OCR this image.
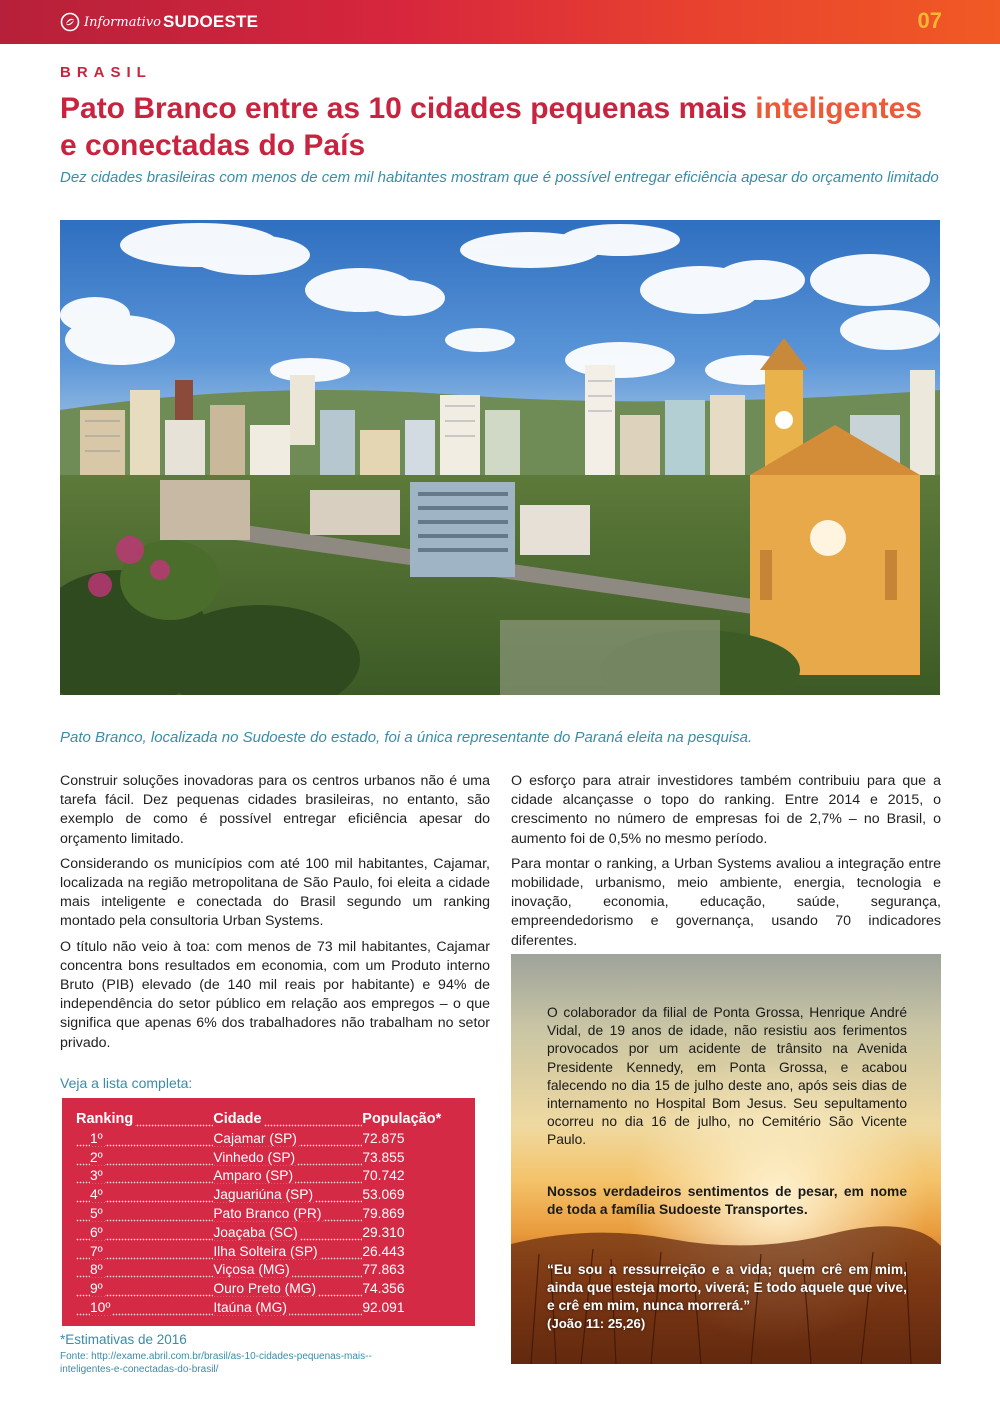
Informativo SUDOESTE	07
BRASIL
Pato Branco entre as 10 cidades pequenas mais inteligentes
e conectadas do País
Dez cidades brasileiras com menos de cem mil habitantes mostram que é possível entregar eficiência apesar do orçamento limitado
Pato Branco, localizada no Sudoeste do estado, foi a única representante do Paraná eleita na pesquisa.

Construir soluções inovadoras para os centros urbanos não é uma tarefa fácil. Dez pequenas cidades brasileiras, no entanto, são exemplo de como é possível entregar eficiência apesar do orçamento limitado.

Considerando os municípios com até 100 mil habitantes, Cajamar, localizada na região metropolitana de São Paulo, foi eleita a cidade mais inteligente e conectada do Brasil segundo um ranking montado pela consultoria Urban Systems.

O título não veio à toa: com menos de 73 mil habitantes, Cajamar concentra bons resultados em economia, com um Produto interno Bruto (PIB) elevado (de 140 mil reais por habitante) e 94% de independência do setor público em relação aos empregos – o que significa que apenas 6% dos trabalhadores não trabalham no setor privado.

O esforço para atrair investidores também contribuiu para que a cidade alcançasse o topo do ranking. Entre 2014 e 2015, o crescimento no número de empresas foi de 2,7% – no Brasil, o aumento foi de 0,5% no mesmo período.

Para montar o ranking, a Urban Systems avaliou a integração entre mobilidade, urbanismo, meio ambiente, energia, tecnologia e inovação, economia, educação, saúde, segurança, empreendedorismo e governança, usando 70 indicadores diferentes.

Veja a lista completa:
Ranking	Cidade	População*
1º	Cajamar (SP)	72.875
2º	Vinhedo (SP)	73.855
3º	Amparo (SP)	70.742
4º	Jaguariúna (SP)	53.069
5º	Pato Branco (PR)	79.869
6º	Joaçaba (SC)	29.310
7º	Ilha Solteira (SP)	26.443
8º	Viçosa (MG)	77.863
9º	Ouro Preto (MG)	74.356
10º	Itaúna (MG)	92.091
*Estimativas de 2016
Fonte: http://exame.abril.com.br/brasil/as-10-cidades-pequenas-mais--inteligentes-e-conectadas-do-brasil/
O colaborador da filial de Ponta Grossa, Henrique André Vidal, de 19 anos de idade, não resistiu aos ferimentos provocados por um acidente de trânsito na Avenida Presidente Kennedy, em Ponta Grossa, e acabou falecendo no dia 15 de julho deste ano, após seis dias de internamento no Hospital Bom Jesus. Seu sepultamento ocorreu no dia 16 de julho, no Cemitério São Vicente Paulo.
Nossos verdadeiros sentimentos de pesar, em nome de toda a família Sudoeste Transportes.
“Eu sou a ressurreição e a vida; quem crê em mim, ainda que esteja morto, viverá; E todo aquele que vive, e crê em mim, nunca morrerá.”
(João 11: 25,26)
